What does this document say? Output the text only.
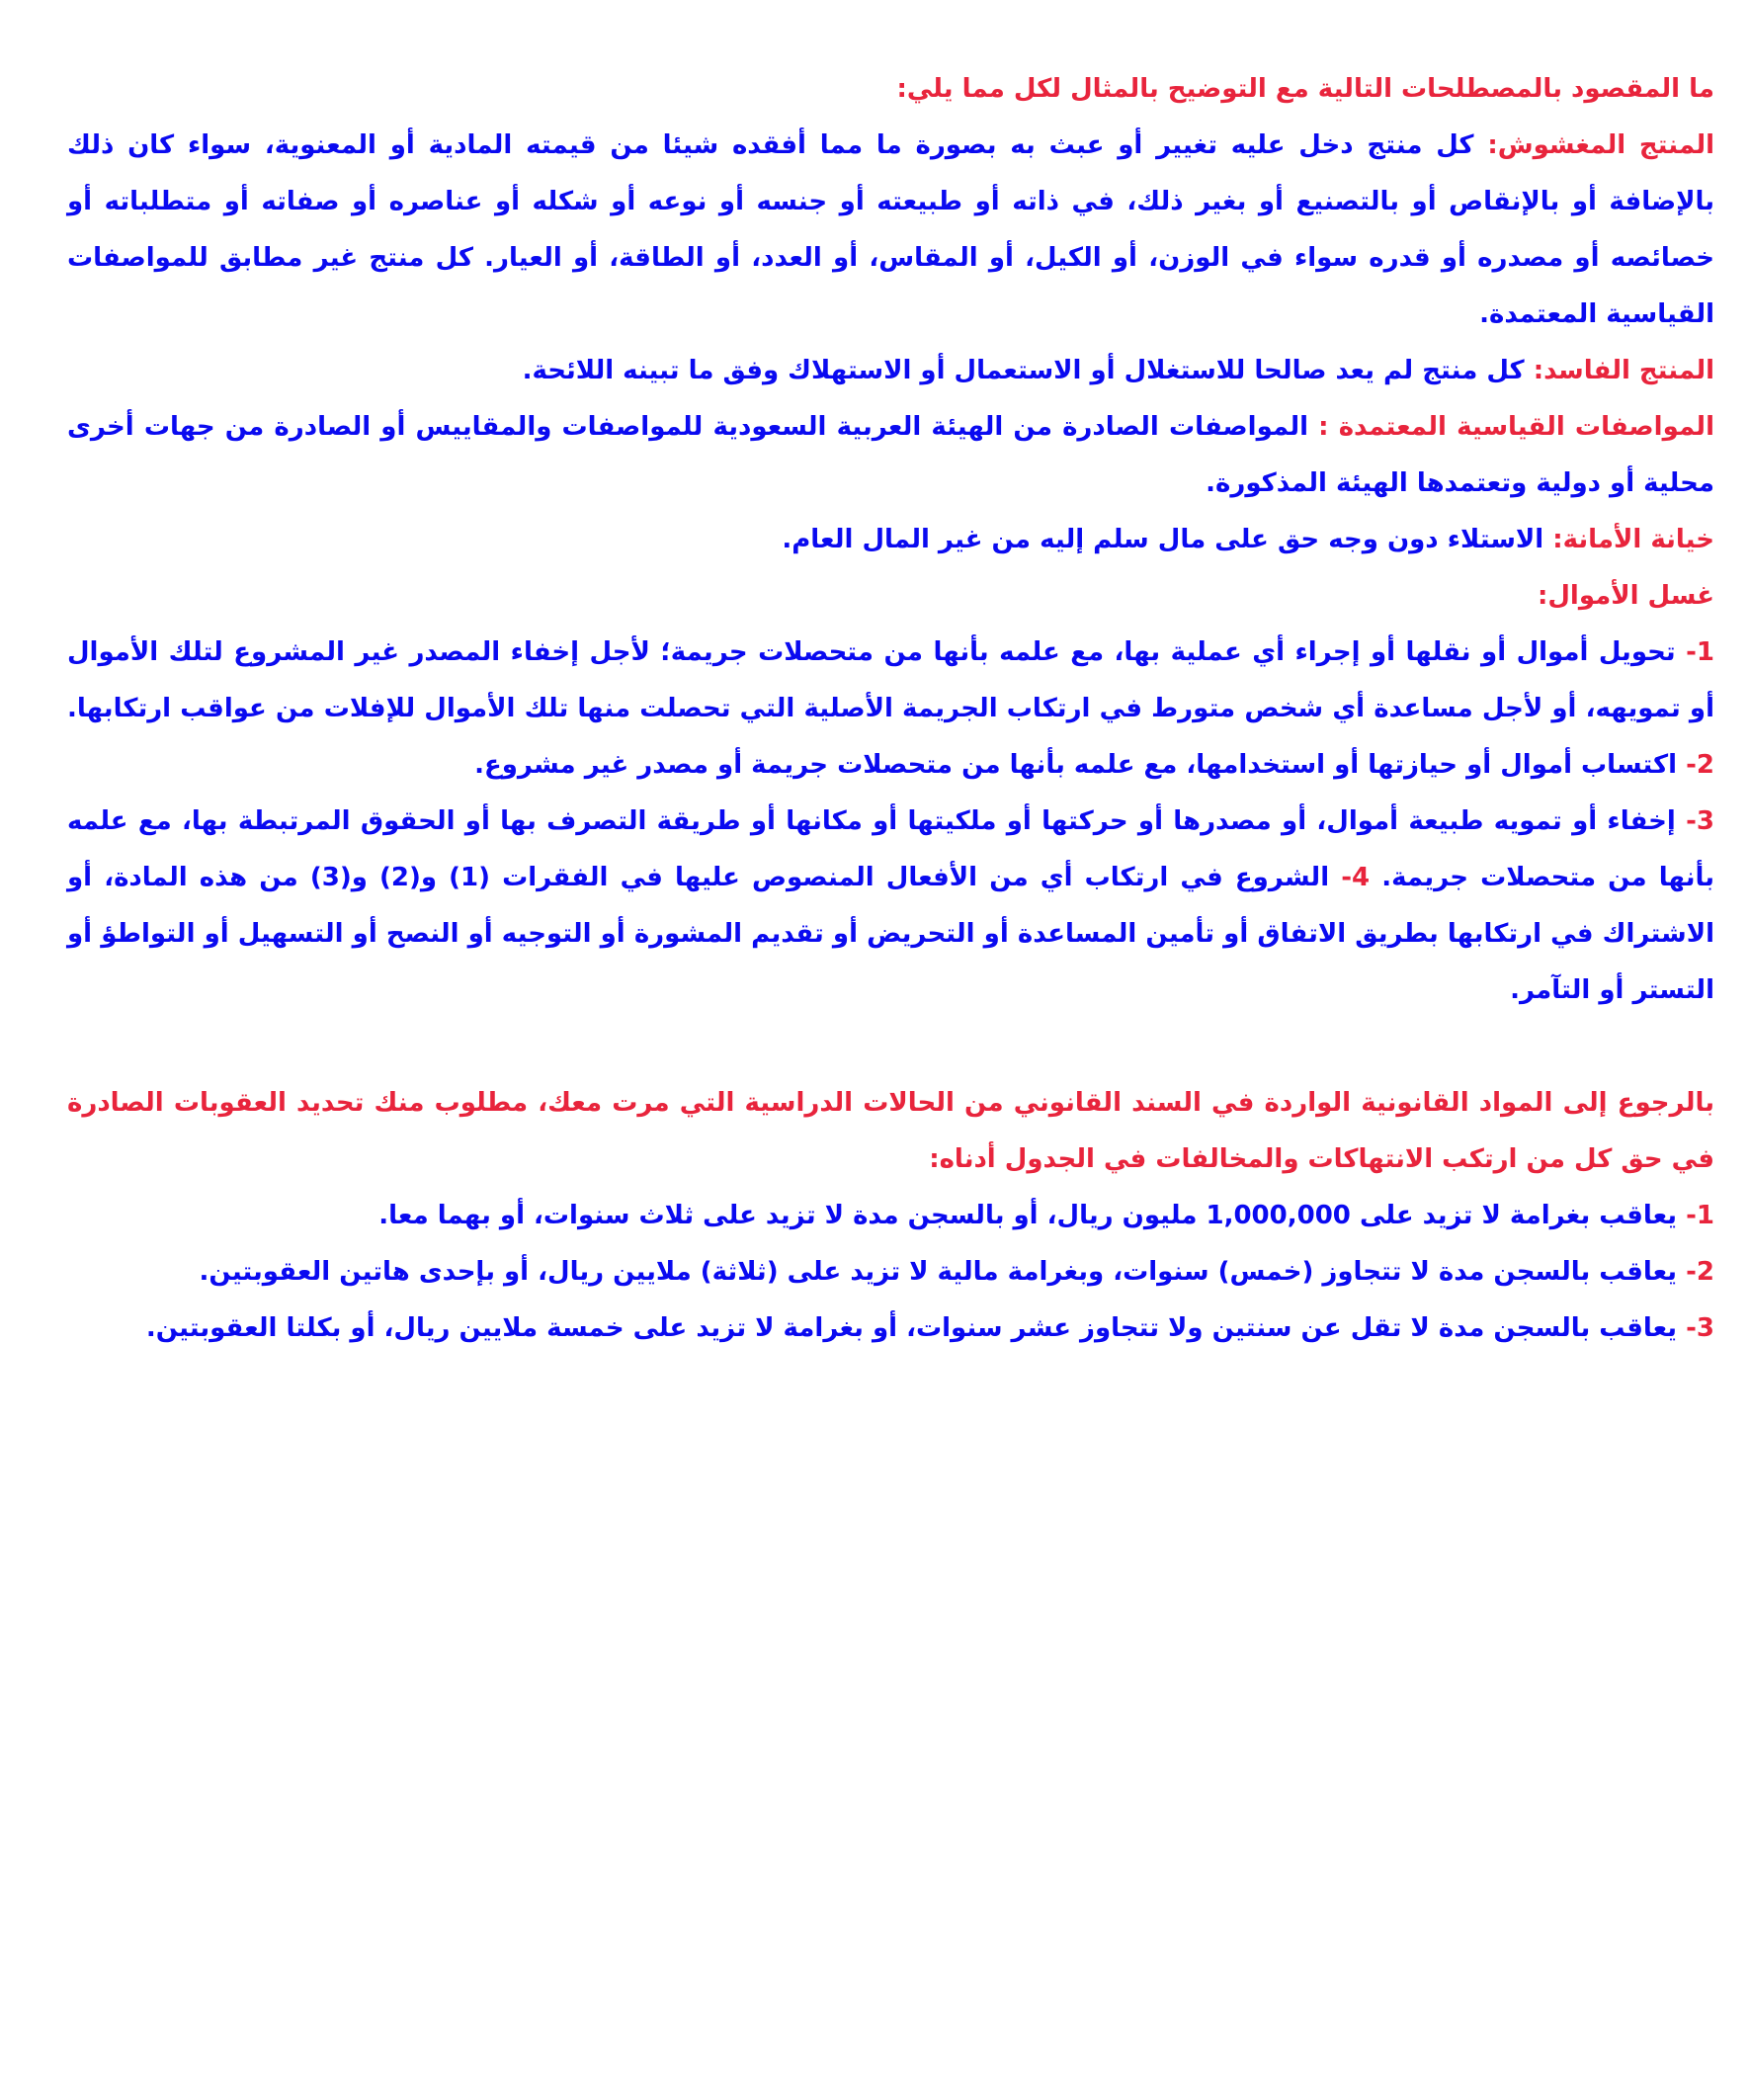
ما المقصود بالمصطلحات التالية مع التوضيح بالمثال لكل مما يلي:

المنتج المغشوش: كل منتج دخل عليه تغيير أو عبث به بصورة ما مما أفقده شيئا من قيمته المادية أو المعنوية، سواء كان ذلك بالإضافة أو بالإنقاص أو بالتصنيع أو بغير ذلك، في ذاته أو طبيعته أو جنسه أو نوعه أو شكله أو عناصره أو صفاته أو متطلباته أو خصائصه أو مصدره أو قدره سواء في الوزن، أو الكيل، أو المقاس، أو العدد، أو الطاقة، أو العيار. كل منتج غير مطابق للمواصفات القياسية المعتمدة.

المنتج الفاسد: كل منتج لم يعد صالحا للاستغلال أو الاستعمال أو الاستهلاك وفق ما تبينه اللائحة.

المواصفات القياسية المعتمدة : المواصفات الصادرة من الهيئة العربية السعودية للمواصفات والمقاييس أو الصادرة من جهات أخرى محلية أو دولية وتعتمدها الهيئة المذكورة.

خيانة الأمانة: الاستلاء دون وجه حق على مال سلم إليه من غير المال العام.

غسل الأموال:

1- تحويل أموال أو نقلها أو إجراء أي عملية بها، مع علمه بأنها من متحصلات جريمة؛ لأجل إخفاء المصدر غير المشروع لتلك الأموال أو تمويهه، أو لأجل مساعدة أي شخص متورط في ارتكاب الجريمة الأصلية التي تحصلت منها تلك الأموال للإفلات من عواقب ارتكابها. 2- اكتساب أموال أو حيازتها أو استخدامها، مع علمه بأنها من متحصلات جريمة أو مصدر غير مشروع.

3- إخفاء أو تمويه طبيعة أموال، أو مصدرها أو حركتها أو ملكيتها أو مكانها أو طريقة التصرف بها أو الحقوق المرتبطة بها، مع علمه بأنها من متحصلات جريمة. 4- الشروع في ارتكاب أي من الأفعال المنصوص عليها في الفقرات (1) و(2) و(3) من هذه المادة، أو الاشتراك في ارتكابها بطريق الاتفاق أو تأمين المساعدة أو التحريض أو تقديم المشورة أو التوجيه أو النصح أو التسهيل أو التواطؤ أو التستر أو التآمر.

بالرجوع إلى المواد القانونية الواردة في السند القانوني من الحالات الدراسية التي مرت معك، مطلوب منك تحديد العقوبات الصادرة في حق كل من ارتكب الانتهاكات والمخالفات في الجدول أدناه:

1- يعاقب بغرامة لا تزيد على 1,000,000 مليون ريال، أو بالسجن مدة لا تزيد على ثلاث سنوات، أو بهما معا.

2- يعاقب بالسجن مدة لا تتجاوز (خمس) سنوات، وبغرامة مالية لا تزيد على (ثلاثة) ملايين ريال، أو بإحدى هاتين العقوبتين.

3- يعاقب بالسجن مدة لا تقل عن سنتين ولا تتجاوز عشر سنوات، أو بغرامة لا تزيد على خمسة ملايين ريال، أو بكلتا العقوبتين.
